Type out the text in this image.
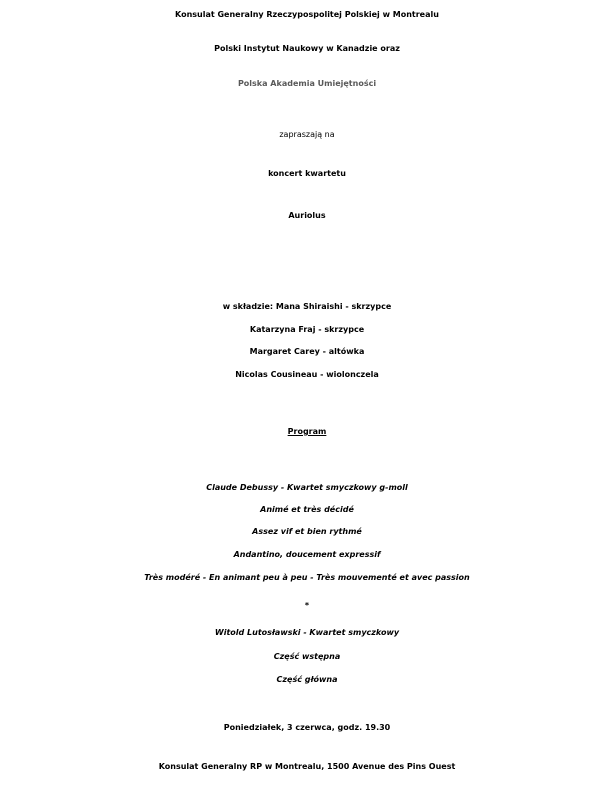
Konsulat Generalny Rzeczypospolitej Polskiej w Montrealu
Polski Instytut Naukowy w Kanadzie oraz
Polska Akademia Umiejętności
zapraszają na
koncert kwartetu
Auriolus
w składzie: Mana Shiraishi - skrzypce
Katarzyna Fraj - skrzypce
Margaret Carey - altówka
Nicolas Cousineau - wiolonczela
Program
Claude Debussy - Kwartet smyczkowy g-moll
Animé et très décidé
Assez vif et bien rythmé
Andantino, doucement expressif
Très modéré - En animant peu à peu - Très mouvementé et avec passion
*
Witold Lutosławski - Kwartet smyczkowy
Część wstępna
Część główna
Poniedziałek, 3 czerwca, godz. 19.30
Konsulat Generalny RP w Montrealu, 1500 Avenue des Pins Ouest
